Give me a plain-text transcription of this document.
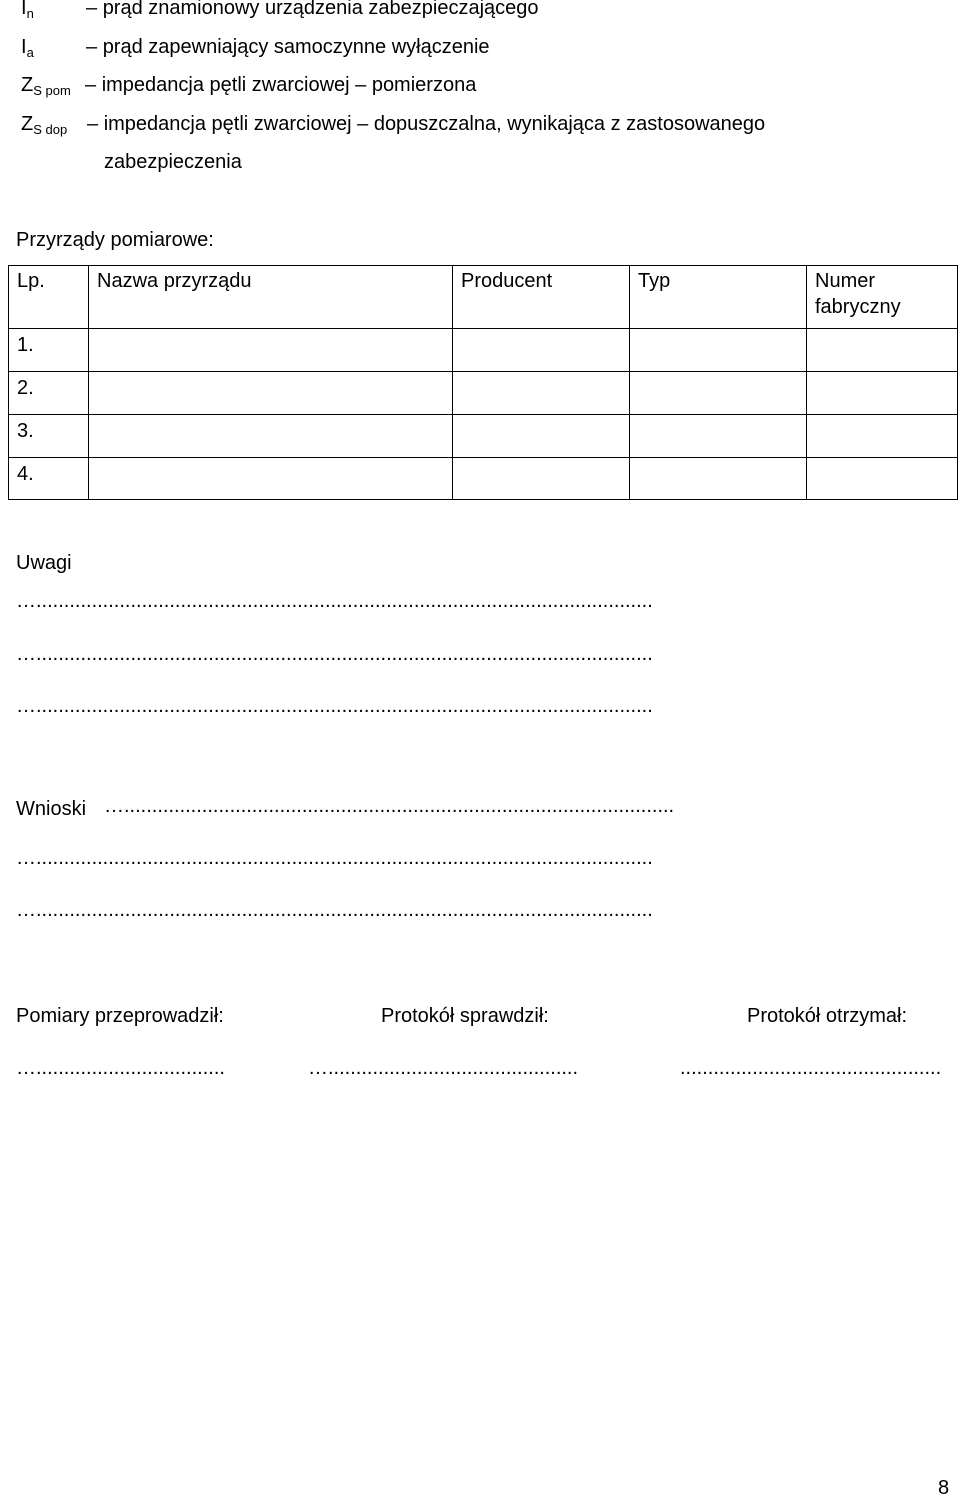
$I_n$	– prąd znamionowy urządzenia zabezpieczającego
$I_a$	– prąd zapewniający samoczynne wyłączenie
$Z_{S pom}$ – impedancja pętli zwarciowej – pomierzona
$Z_{S dop}$ – impedancja pętli zwarciowej – dopuszczalna, wynikająca z zastosowanego
zabezpieczenia
Przyrządy pomiarowe:
Lp.	Nazwa przyrządu	Producent	Typ	Numer fabryczny
1.				
2.				
3.				
4.				
Uwagi
…...............................................................................................................
…...............................................................................................................
…...............................................................................................................
Wnioski …...................................................................................................
…...............................................................................................................
…...............................................................................................................
Pomiary przeprowadził:	Protokół sprawdził:	Protokół otrzymał:
…..................................	….............................................	...............................................
8
